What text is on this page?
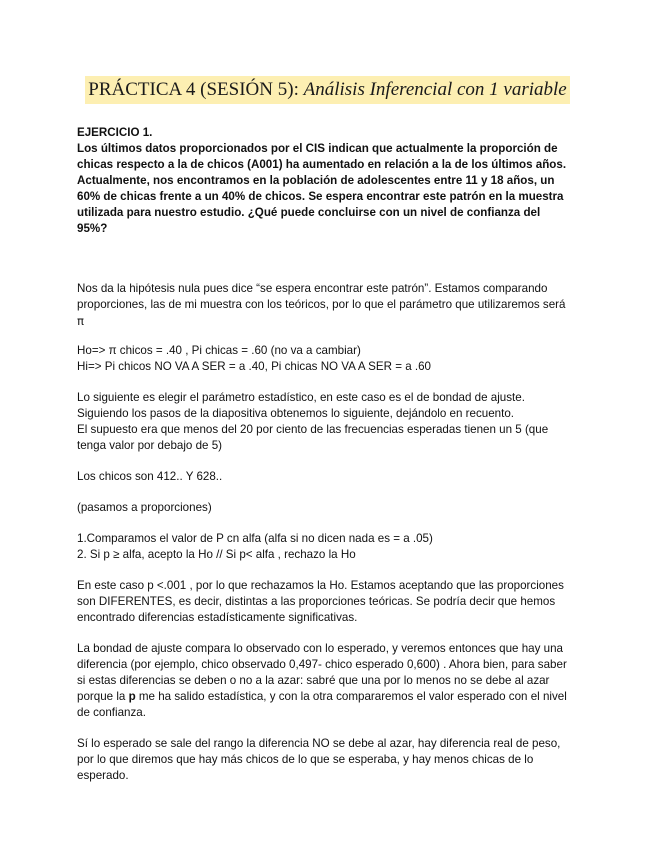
PRÁCTICA 4 (SESIÓN 5): Análisis Inferencial con 1 variable
EJERCICIO 1.
Los últimos datos proporcionados por el CIS indican que actualmente la proporción de
chicas respecto a la de chicos (A001) ha aumentado en relación a la de los últimos años.
Actualmente, nos encontramos en la población de adolescentes entre 11 y 18 años, un
60% de chicas frente a un 40% de chicos. Se espera encontrar este patrón en la muestra
utilizada para nuestro estudio. ¿Qué puede concluirse con un nivel de confianza del
95%?
Nos da la hipótesis nula pues dice “se espera encontrar este patrón”. Estamos comparando
proporciones, las de mi muestra con los teóricos, por lo que el parámetro que utilizaremos será
π
Ho=> π chicos = .40 , Pi chicas = .60 (no va a cambiar)
Hi=> Pi chicos NO VA A SER = a .40, Pi chicas NO VA A SER = a .60
Lo siguiente es elegir el parámetro estadístico, en este caso es el de bondad de ajuste.
Siguiendo los pasos de la diapositiva obtenemos lo siguiente, dejándolo en recuento.
El supuesto era que menos del 20 por ciento de las frecuencias esperadas tienen un 5 (que
tenga valor por debajo de 5)
Los chicos son 412.. Y 628..
(pasamos a proporciones)
1.Comparamos el valor de P cn alfa (alfa si no dicen nada es = a .05)
2. Si p ≥ alfa, acepto la Ho // Si p< alfa , rechazo la Ho
En este caso p <.001 , por lo que rechazamos la Ho. Estamos aceptando que las proporciones
son DIFERENTES, es decir, distintas a las proporciones teóricas. Se podría decir que hemos
encontrado diferencias estadísticamente significativas.
La bondad de ajuste compara lo observado con lo esperado, y veremos entonces que hay una
diferencia (por ejemplo, chico observado 0,497- chico esperado 0,600) . Ahora bien, para saber
si estas diferencias se deben o no a la azar: sabré que una por lo menos no se debe al azar
porque la p me ha salido estadística, y con la otra compararemos el valor esperado con el nivel
de confianza.
Sí lo esperado se sale del rango la diferencia NO se debe al azar, hay diferencia real de peso,
por lo que diremos que hay más chicos de lo que se esperaba, y hay menos chicas de lo
esperado.
